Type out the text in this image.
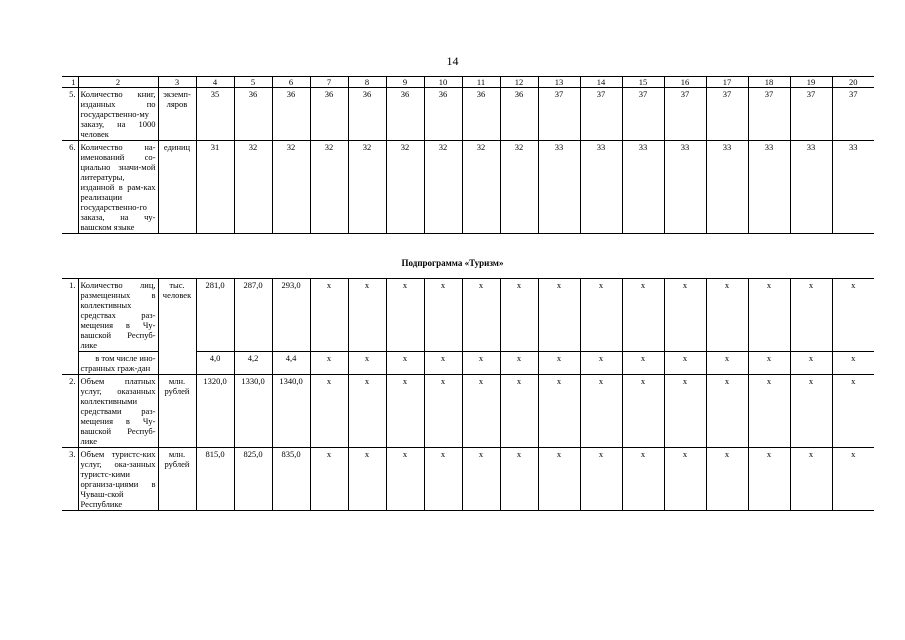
14
1	2	3	4	5	6	7	8	9	10	11	12	13	14	15	16	17	18	19	20
5.	Количество книг, изданных по государственно-му заказу, на 1000 человек	экземп-ляров	35	36	36	36	36	36	36	36	36	37	37	37	37	37	37	37	37
6.	Количество на-именований со-циально значи-мой литературы, изданной в рам-ках реализации государственно-го заказа, на чу-вашском языке	единиц	31	32	32	32	32	32	32	32	32	33	33	33	33	33	33	33	33
Подпрограмма «Туризм»
1.	Количество лиц, размещенных в коллективных средствах раз-мещения в Чу-вашской Респуб-лике	тыс. человек	281,0	287,0	293,0	x	x	x	x	x	x	x	x	x	x	x	x	x	x
	в том числе ино-странных граж-дан		4,0	4,2	4,4	x	x	x	x	x	x	x	x	x	x	x	x	x	x
2.	Объем платных услуг, оказанных коллективными средствами раз-мещения в Чу-вашской Респуб-лике	млн. рублей	1320,0	1330,0	1340,0	x	x	x	x	x	x	x	x	x	x	x	x	x	x
3.	Объем туристс-ких услуг, ока-занных туристс-кими организа-циями в Чуваш-ской Республике	млн. рублей	815,0	825,0	835,0	x	x	x	x	x	x	x	x	x	x	x	x	x	x
